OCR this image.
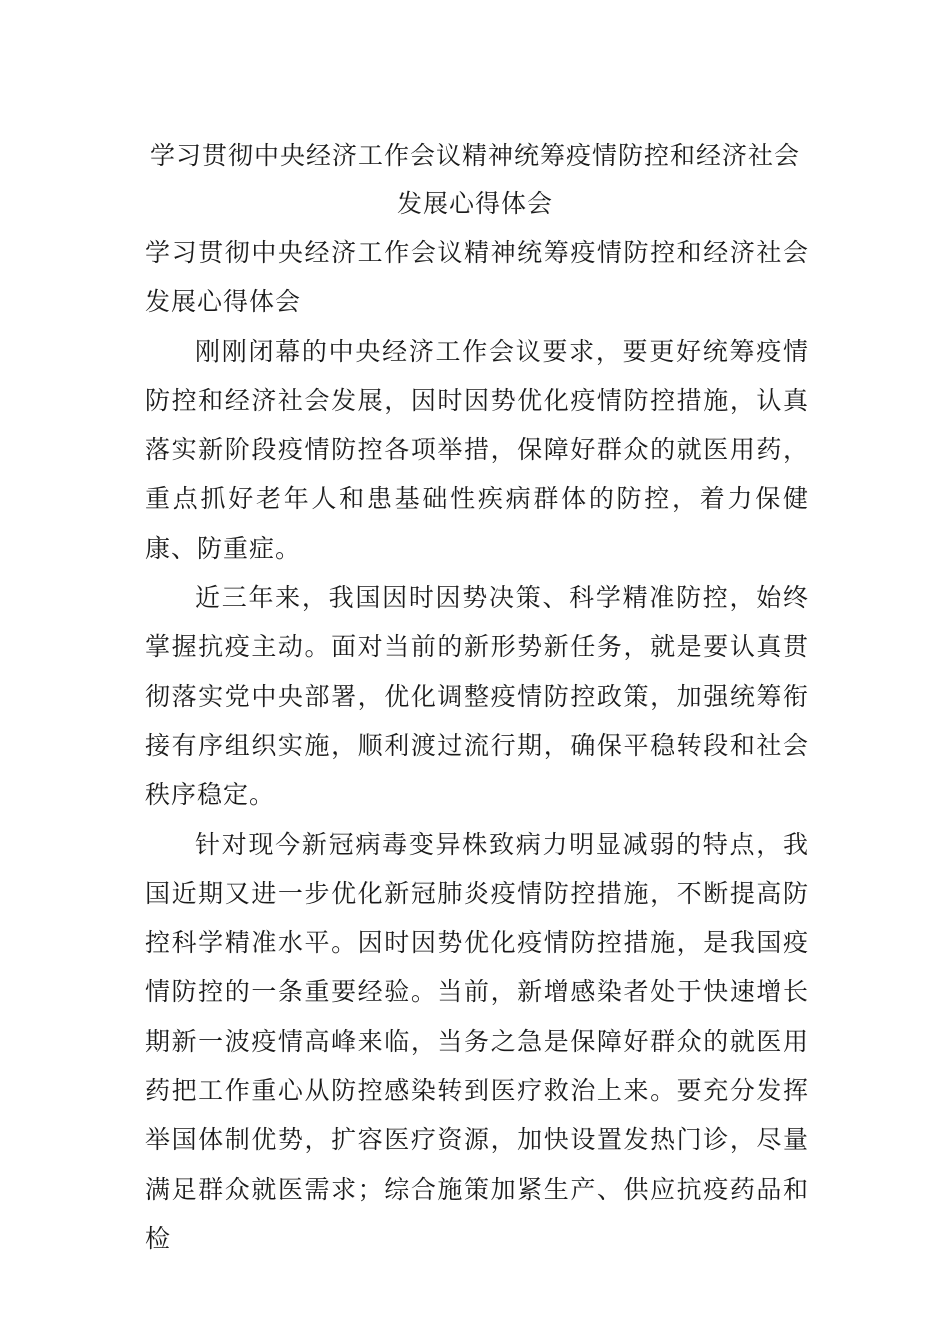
学习贯彻中央经济工作会议精神统筹疫情防控和经济社会
发展心得体会

学习贯彻中央经济工作会议精神统筹疫情防控和经济社会发展心得体会

刚刚闭幕的中央经济工作会议要求，要更好统筹疫情防控和经济社会发展，因时因势优化疫情防控措施，认真落实新阶段疫情防控各项举措，保障好群众的就医用药，重点抓好老年人和患基础性疾病群体的防控，着力保健康、防重症。

近三年来，我国因时因势决策、科学精准防控，始终掌握抗疫主动。面对当前的新形势新任务，就是要认真贯彻落实党中央部署，优化调整疫情防控政策，加强统筹衔接有序组织实施，顺利渡过流行期，确保平稳转段和社会秩序稳定。

针对现今新冠病毒变异株致病力明显减弱的特点，我国近期又进一步优化新冠肺炎疫情防控措施，不断提高防控科学精准水平。因时因势优化疫情防控措施，是我国疫情防控的一条重要经验。当前，新增感染者处于快速增长期新一波疫情高峰来临，当务之急是保障好群众的就医用药把工作重心从防控感染转到医疗救治上来。要充分发挥举国体制优势，扩容医疗资源，加快设置发热门诊，尽量满足群众就医需求；综合施策加紧生产、供应抗疫药品和检
